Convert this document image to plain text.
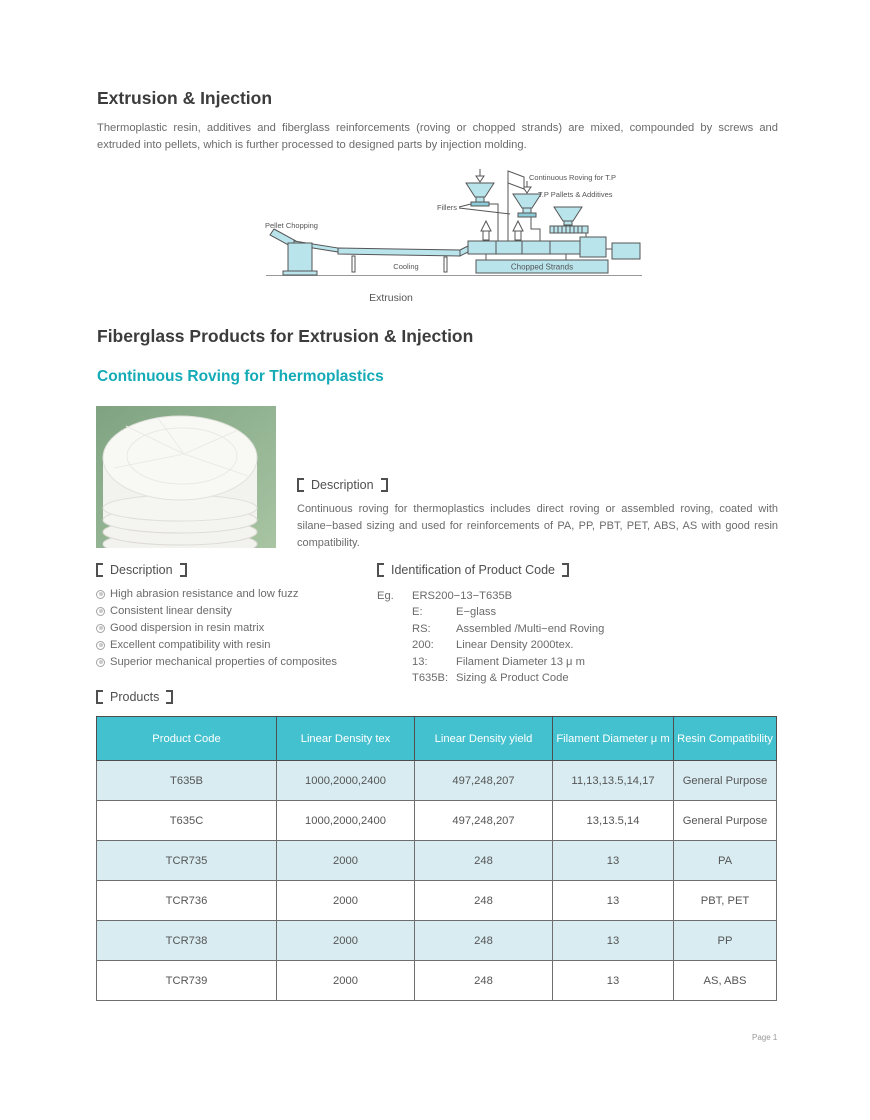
Extrusion & Injection

Thermoplastic resin, additives and fiberglass reinforcements (roving or chopped strands) are mixed, compounded by screws and extruded into pellets, which is further processed to designed parts by injection molding.

Continuous Roving for T.P
T.P Pallets & Additives
Fillers
Pellet Chopping
Cooling	Chopped Strands
Extrusion
Fiberglass Products for Extrusion & Injection
Continuous Roving for Thermoplastics
Description

Continuous roving for thermoplastics includes direct roving or assembled roving, coated with silane−based sizing and used for reinforcements of PA, PP, PBT, PET, ABS, AS with good resin compatibility.

Description
High abrasion resistance and low fuzz
Consistent linear density
Good dispersion in resin matrix
Excellent compatibility with resin
Superior mechanical properties of composites
Identification of Product Code
Eg.	ERS200−13−T635B
E:	E−glass
RS:	Assembled /Multi−end Roving
200:	Linear Density 2000tex.
13:	Filament Diameter 13 μ m
T635B: Sizing & Product Code
Products
Product Code	Linear Density tex	Linear Density yield	Filament Diameter μ m	Resin Compatibility
T635B	1000,2000,2400	497,248,207	11,13,13.5,14,17	General Purpose
T635C	1000,2000,2400	497,248,207	13,13.5,14	General Purpose
TCR735	2000	248	13	PA
TCR736	2000	248	13	PBT, PET
TCR738	2000	248	13	PP
TCR739	2000	248	13	AS, ABS
Page 1
